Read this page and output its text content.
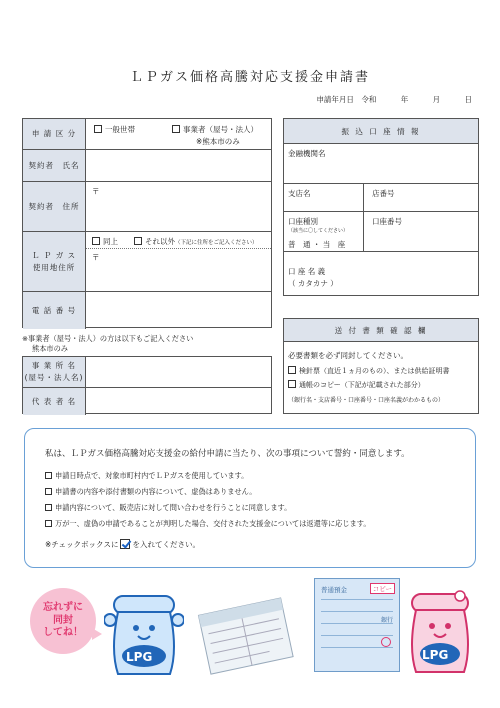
ＬＰガス価格高騰対応支援金申請書
申請年月日 令和	年	月	日
申 請 区 分	一般世帯	事業者（屋号・法人）
※熊本市のみ
契約者　氏名
契約者　住所
〒
Ｌ Ｐ ガ ス
使用地住所
同上	それ以外（下記に住所をご記入ください）
〒
電 話 番 号
※事業者（屋号・法人）の方は以下もご記入ください
熊本市のみ
事 業 所 名
(屋号・法人名)
代 表 者 名
振 込 口 座 情 報
金融機関名
支店名	店番号
口座種別
（該当に〇してください）
普　通 ・ 当　座
口座番号
口 座 名 義
（ カタカナ ）
送 付 書 類 確 認 欄
必要書類を必ず同封してください。
検針票（直近１ヵ月のもの）、または供給証明書
通帳のコピー（下記が記載された部分）
（銀行名・支店番号・口座番号・口座名義がわかるもの）
私は、ＬＰガス価格高騰対応支援金の給付申請に当たり、次の事項について誓約・同意します。
申請日時点で、対象市町村内でＬＰガスを使用しています。
申請書の内容や添付書類の内容について、虚偽はありません。
申請内容について、販売店に対して問い合わせを行うことに同意します。
万が一、虚偽の申請であることが判明した場合、交付された支援金については返還等に応じます。
※チェックボックスに を入れてください。
忘れずに
同封
してね！
LPG
普通預金	コピー
銀行
LPG
